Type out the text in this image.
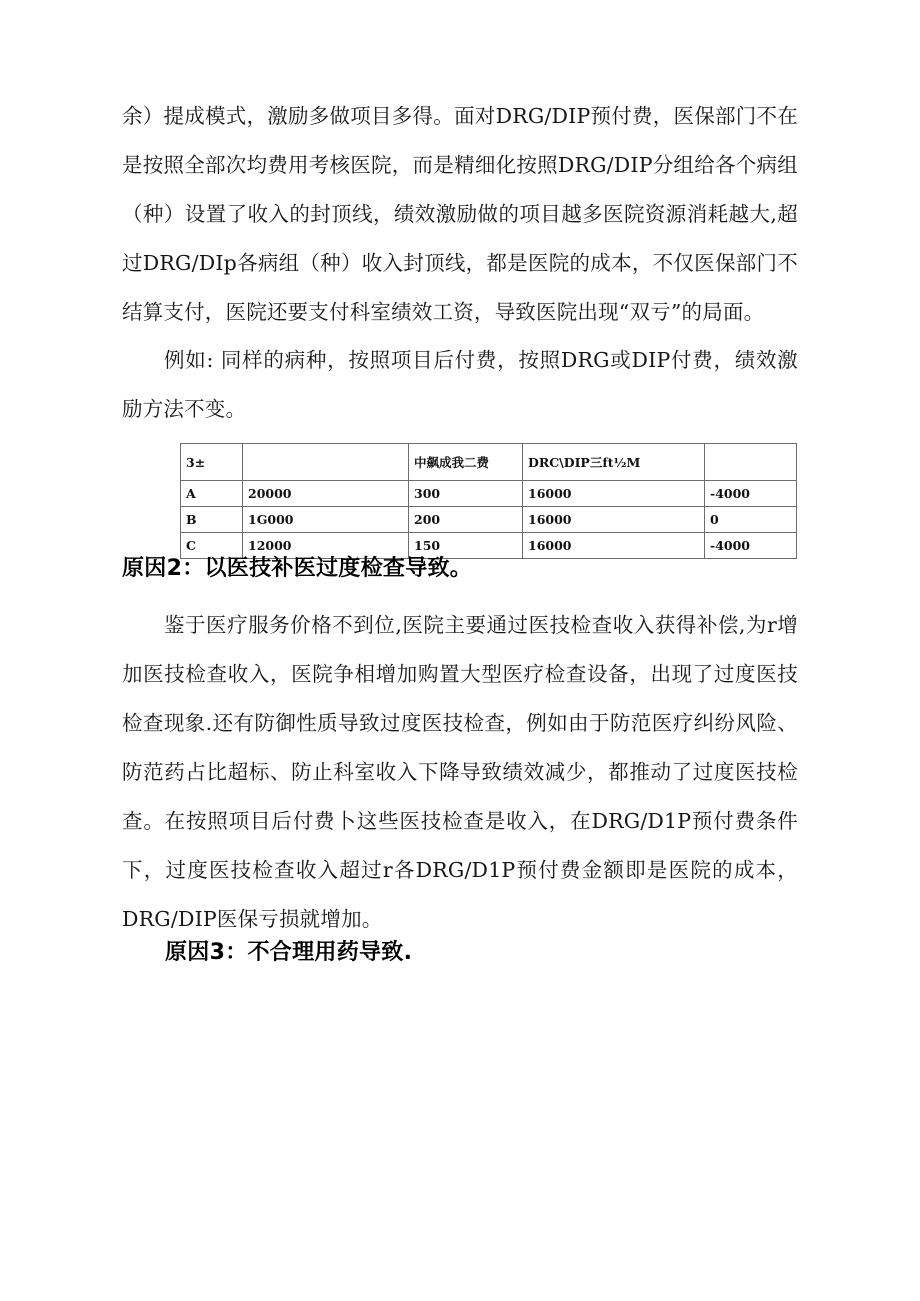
余）提成模式，激励多做项目多得。面对DRG/DIP预付费，医保部门不在是按照全部次均费用考核医院，而是精细化按照DRG/DIP分组给各个病组（种）设置了收入的封顶线，绩效激励做的项目越多医院资源消耗越大,超过DRG/DIp各病组（种）收入封顶线，都是医院的成本，不仅医保部门不结算支付，医院还要支付科室绩效工资，导致医院出现“双亏”的局面。

例如: 同样的病种，按照项目后付费，按照DRG或DIP付费，绩效激励方法不变。

3±		中飙成我二费	DRC\DIP三ft½M	
A	20000	300	16000	-4000
B	1G000	200	16000	0
C	12000	150	16000	-4000
原因2：以医技补医过度检查导致。

鉴于医疗服务价格不到位,医院主要通过医技检查收入获得补偿,为r增加医技检查收入，医院争相增加购置大型医疗检查设备，出现了过度医技检查现象.还有防御性质导致过度医技检查，例如由于防范医疗纠纷风险、防范药占比超标、防止科室收入下降导致绩效减少，都推动了过度医技检查。在按照项目后付费卜这些医技检查是收入，在DRG/D1P预付费条件下，过度医技检查收入超过r各DRG/D1P预付费金额即是医院的成本，DRG/DIP医保亏损就增加。

原因3：不合理用药导致.
